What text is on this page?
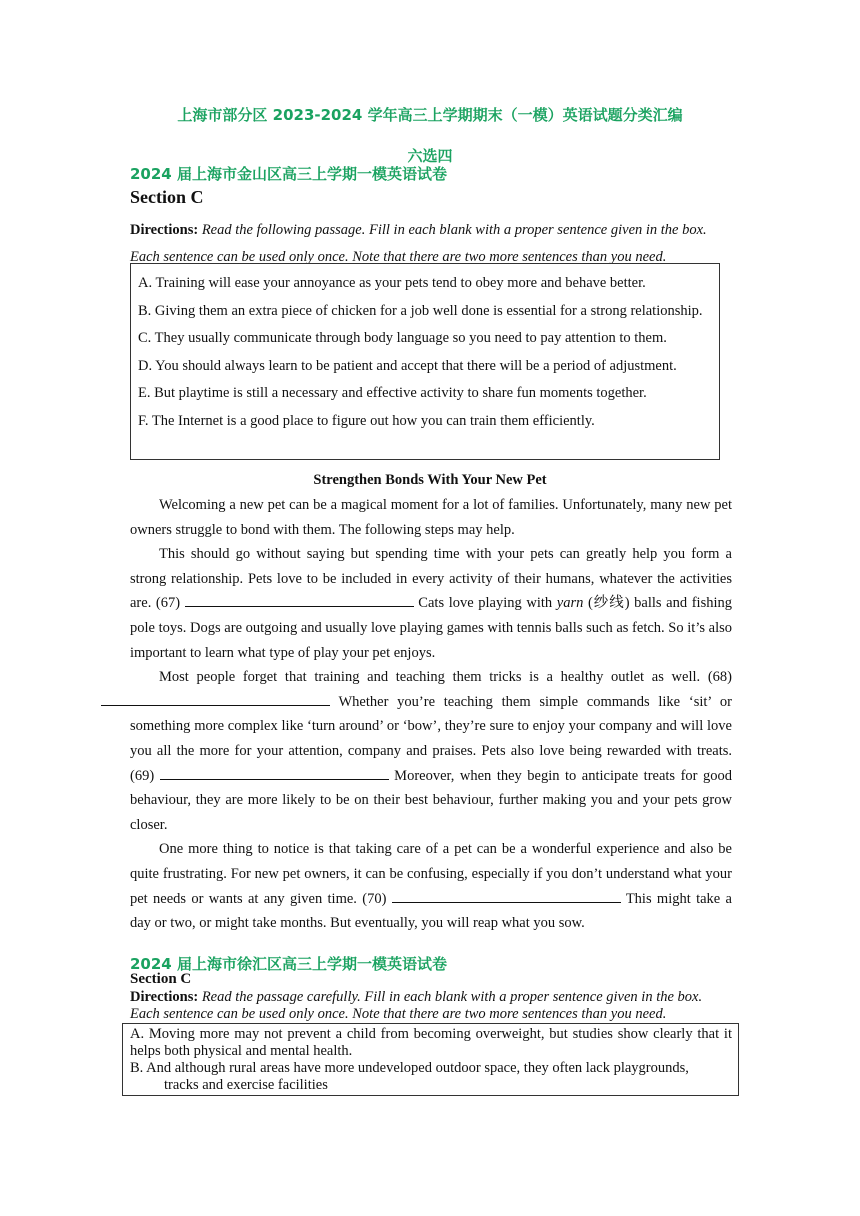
上海市部分区 2023-2024 学年高三上学期期末（一模）英语试题分类汇编
六选四
2024 届上海市金山区高三上学期一模英语试卷
Section C
Directions: Read the following passage. Fill in each blank with a proper sentence given in the box. Each sentence can be used only once. Note that there are two more sentences than you need.

A. Training will ease your annoyance as your pets tend to obey more and behave better.

B. Giving them an extra piece of chicken for a job well done is essential for a strong relationship.

C. They usually communicate through body language so you need to pay attention to them.

D. You should always learn to be patient and accept that there will be a period of adjustment.

E. But playtime is still a necessary and effective activity to share fun moments together.

F. The Internet is a good place to figure out how you can train them efficiently.

Strengthen Bonds With Your New Pet

Welcoming a new pet can be a magical moment for a lot of families. Unfortunately, many new pet owners struggle to bond with them. The following steps may help.

This should go without saying but spending time with your pets can greatly help you form a strong relationship. Pets love to be included in every activity of their humans, whatever the activities are. (67)	Cats love playing with yarn (纱线) balls and fishing pole toys. Dogs are outgoing and usually love playing games with tennis balls such as fetch. So it’s also important to learn what type of play your pet enjoys.

Most people forget that training and teaching them tricks is a healthy outlet as well. (68)  Whether you’re teaching them simple commands like ‘sit’ or something more complex like ‘turn around’ or ‘bow’, they’re sure to enjoy your company and will love you all the more for your attention, company and praises. Pets also love being rewarded with treats. (69)	Moreover, when they begin to anticipate treats for good behaviour, they are more likely to be on their best behaviour, further making you and your pets grow closer.

One more thing to notice is that taking care of a pet can be a wonderful experience and also be quite frustrating. For new pet owners, it can be confusing, especially if you don’t understand what your pet needs or wants at any given time. (70)	This might take a day or two, or might take months. But eventually, you will reap what you sow.

2024 届上海市徐汇区高三上学期一模英语试卷
Section C
Directions: Read the passage carefully. Fill in each blank with a proper sentence given in the box. Each sentence can be used only once. Note that there are two more sentences than you need.

A. Moving more may not prevent a child from becoming overweight, but studies show clearly that it helps both physical and mental health.

B. And although rural areas have more undeveloped outdoor space, they often lack playgrounds,

tracks and exercise facilities
